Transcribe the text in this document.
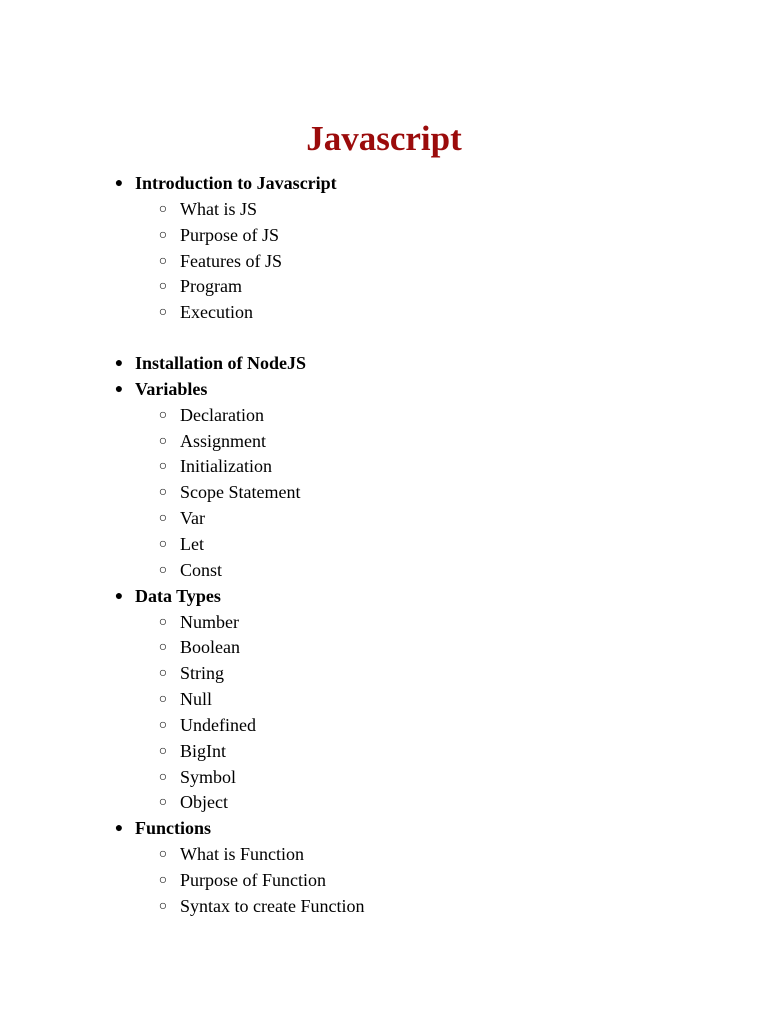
Javascript
● Introduction to Javascript
○ What is JS
○ Purpose of JS
○ Features of JS
○ Program
○ Execution
● Installation of NodeJS
● Variables
○ Declaration
○ Assignment
○ Initialization
○ Scope Statement
○ Var
○ Let
○ Const
● Data Types
○ Number
○ Boolean
○ String
○ Null
○ Undefined
○ BigInt
○ Symbol
○ Object
● Functions
○ What is Function
○ Purpose of Function
○ Syntax to create Function
